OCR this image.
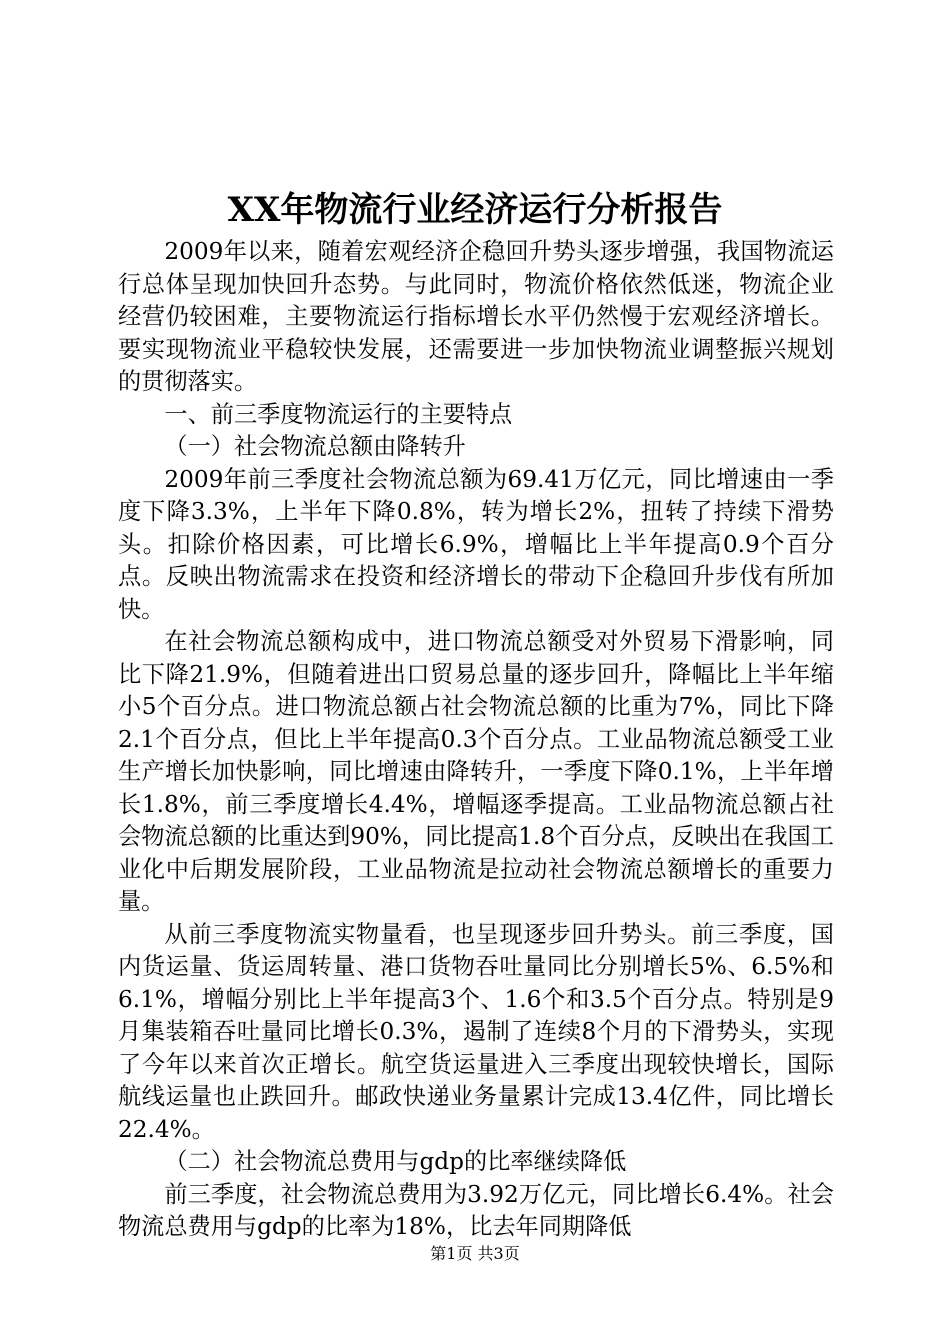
XX年物流行业经济运行分析报告

2009年以来，随着宏观经济企稳回升势头逐步增强，我国物流运行总体呈现加快回升态势。与此同时，物流价格依然低迷，物流企业经营仍较困难，主要物流运行指标增长水平仍然慢于宏观经济增长。要实现物流业平稳较快发展，还需要进一步加快物流业调整振兴规划的贯彻落实。

一、前三季度物流运行的主要特点

（一）社会物流总额由降转升

2009年前三季度社会物流总额为69.41万亿元，同比增速由一季度下降3.3%，上半年下降0.8%，转为增长2%，扭转了持续下滑势头。扣除价格因素，可比增长6.9%，增幅比上半年提高0.9个百分点。反映出物流需求在投资和经济增长的带动下企稳回升步伐有所加快。

在社会物流总额构成中，进口物流总额受对外贸易下滑影响，同比下降21.9%，但随着进出口贸易总量的逐步回升，降幅比上半年缩小5个百分点。进口物流总额占社会物流总额的比重为7%，同比下降2.1个百分点，但比上半年提高0.3个百分点。工业品物流总额受工业生产增长加快影响，同比增速由降转升，一季度下降0.1%，上半年增长1.8%，前三季度增长4.4%，增幅逐季提高。工业品物流总额占社会物流总额的比重达到90%，同比提高1.8个百分点，反映出在我国工业化中后期发展阶段，工业品物流是拉动社会物流总额增长的重要力量。

从前三季度物流实物量看，也呈现逐步回升势头。前三季度，国内货运量、货运周转量、港口货物吞吐量同比分别增长5%、6.5%和6.1%，增幅分别比上半年提高3个、1.6个和3.5个百分点。特别是9月集装箱吞吐量同比增长0.3%，遏制了连续8个月的下滑势头，实现了今年以来首次正增长。航空货运量进入三季度出现较快增长，国际航线运量也止跌回升。邮政快递业务量累计完成13.4亿件，同比增长22.4%。

（二）社会物流总费用与gdp的比率继续降低

前三季度，社会物流总费用为3.92万亿元，同比增长6.4%。社会物流总费用与gdp的比率为18%，比去年同期降低

第1页 共3页
